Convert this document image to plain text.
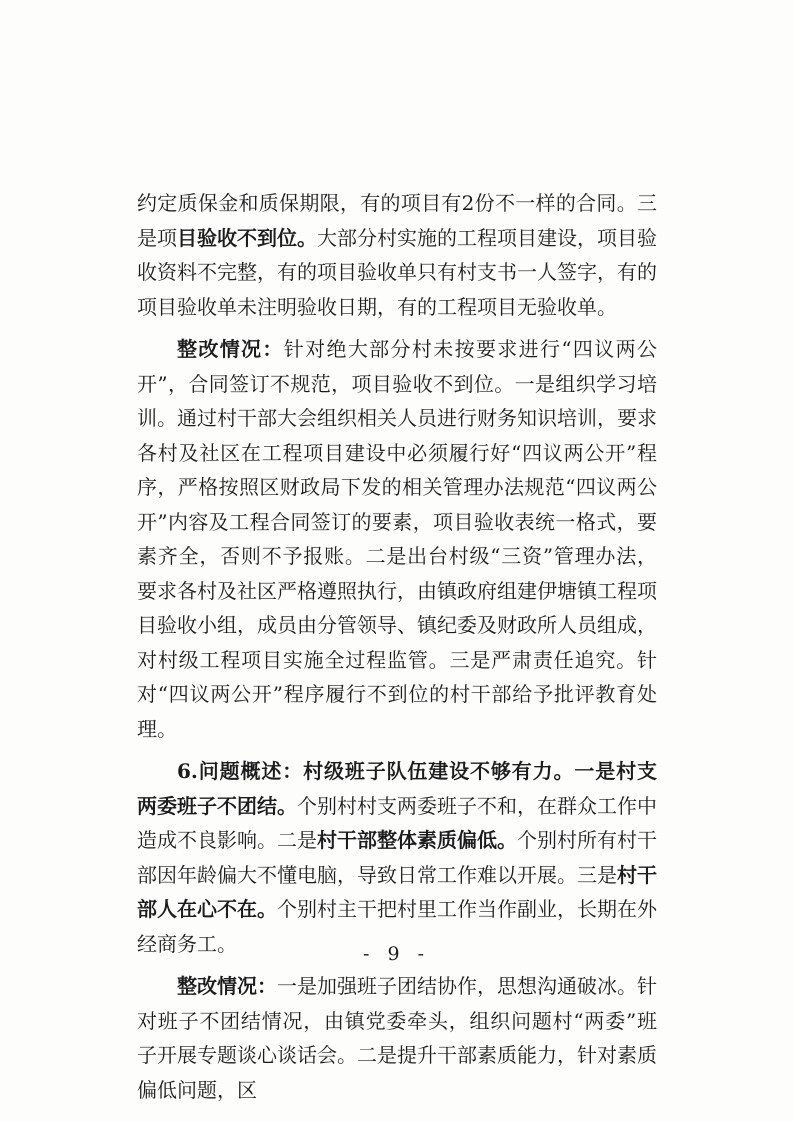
约定质保金和质保期限，有的项目有2份不一样的合同。三是项目验收不到位。大部分村实施的工程项目建设，项目验收资料不完整，有的项目验收单只有村支书一人签字，有的项目验收单未注明验收日期，有的工程项目无验收单。

整改情况：针对绝大部分村未按要求进行“四议两公开”，合同签订不规范，项目验收不到位。一是组织学习培训。通过村干部大会组织相关人员进行财务知识培训，要求各村及社区在工程项目建设中必须履行好“四议两公开”程序，严格按照区财政局下发的相关管理办法规范“四议两公开”内容及工程合同签订的要素，项目验收表统一格式，要素齐全，否则不予报账。二是出台村级“三资”管理办法，要求各村及社区严格遵照执行，由镇政府组建伊塘镇工程项目验收小组，成员由分管领导、镇纪委及财政所人员组成，对村级工程项目实施全过程监管。三是严肃责任追究。针对“四议两公开”程序履行不到位的村干部给予批评教育处理。

6.问题概述：村级班子队伍建设不够有力。一是村支两委班子不团结。个别村村支两委班子不和，在群众工作中造成不良影响。二是村干部整体素质偏低。个别村所有村干部因年龄偏大不懂电脑，导致日常工作难以开展。三是村干部人在心不在。个别村主干把村里工作当作副业，长期在外经商务工。

整改情况：一是加强班子团结协作，思想沟通破冰。针对班子不团结情况，由镇党委牵头，组织问题村“两委”班子开展专题谈心谈话会。二是提升干部素质能力，针对素质偏低问题，区

- 9 -
